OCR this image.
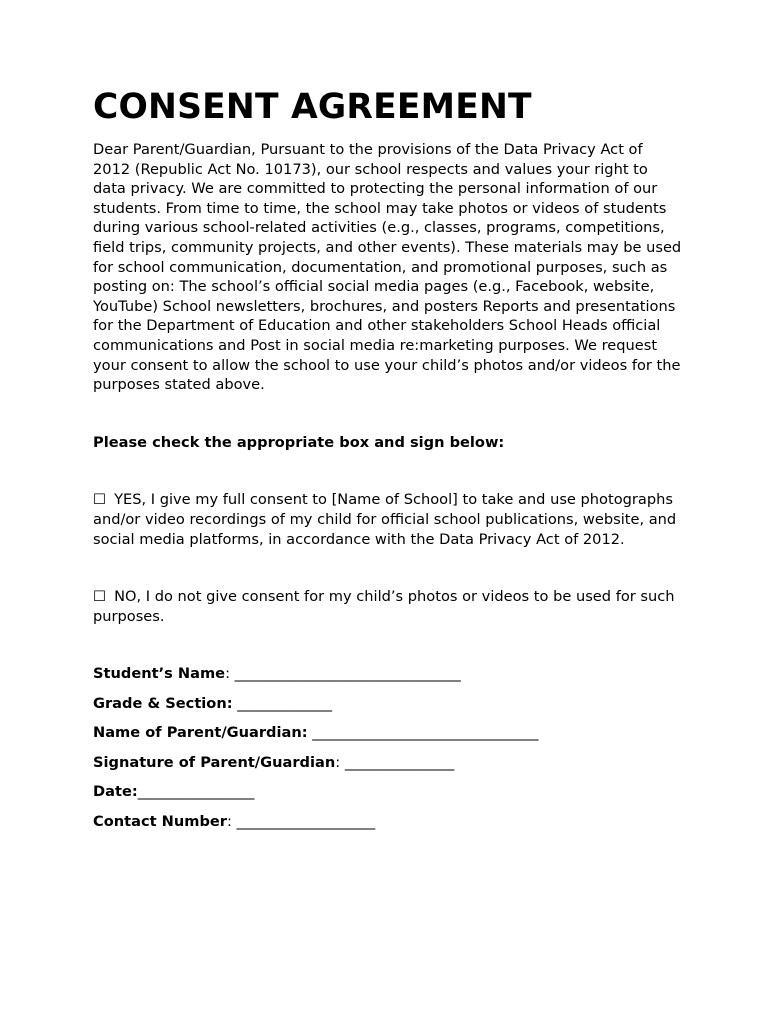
CONSENT AGREEMENT

Dear Parent/Guardian, Pursuant to the provisions of the Data Privacy Act of 2012 (Republic Act No. 10173), our school respects and values your right to data privacy. We are committed to protecting the personal information of our students. From time to time, the school may take photos or videos of students during various school-related activities (e.g., classes, programs, competitions, field trips, community projects, and other events). These materials may be used for school communication, documentation, and promotional purposes, such as posting on: The school’s official social media pages (e.g., Facebook, website, YouTube) School newsletters, brochures, and posters Reports and presentations for the Department of Education and other stakeholders School Heads official communications and Post in social media re:marketing purposes. We request your consent to allow the school to use your child’s photos and/or videos for the purposes stated above.

Please check the appropriate box and sign below:
☐ YES, I give my full consent to [Name of School] to take and use photographs and/or video recordings of my child for official school publications, website, and social media platforms, in accordance with the Data Privacy Act of 2012.
☐ NO, I do not give consent for my child’s photos or videos to be used for such purposes.
Student’s Name: _______________________________
Grade & Section: _____________
Name of Parent/Guardian: _______________________________
Signature of Parent/Guardian: _______________
Date:________________
Contact Number: ___________________
